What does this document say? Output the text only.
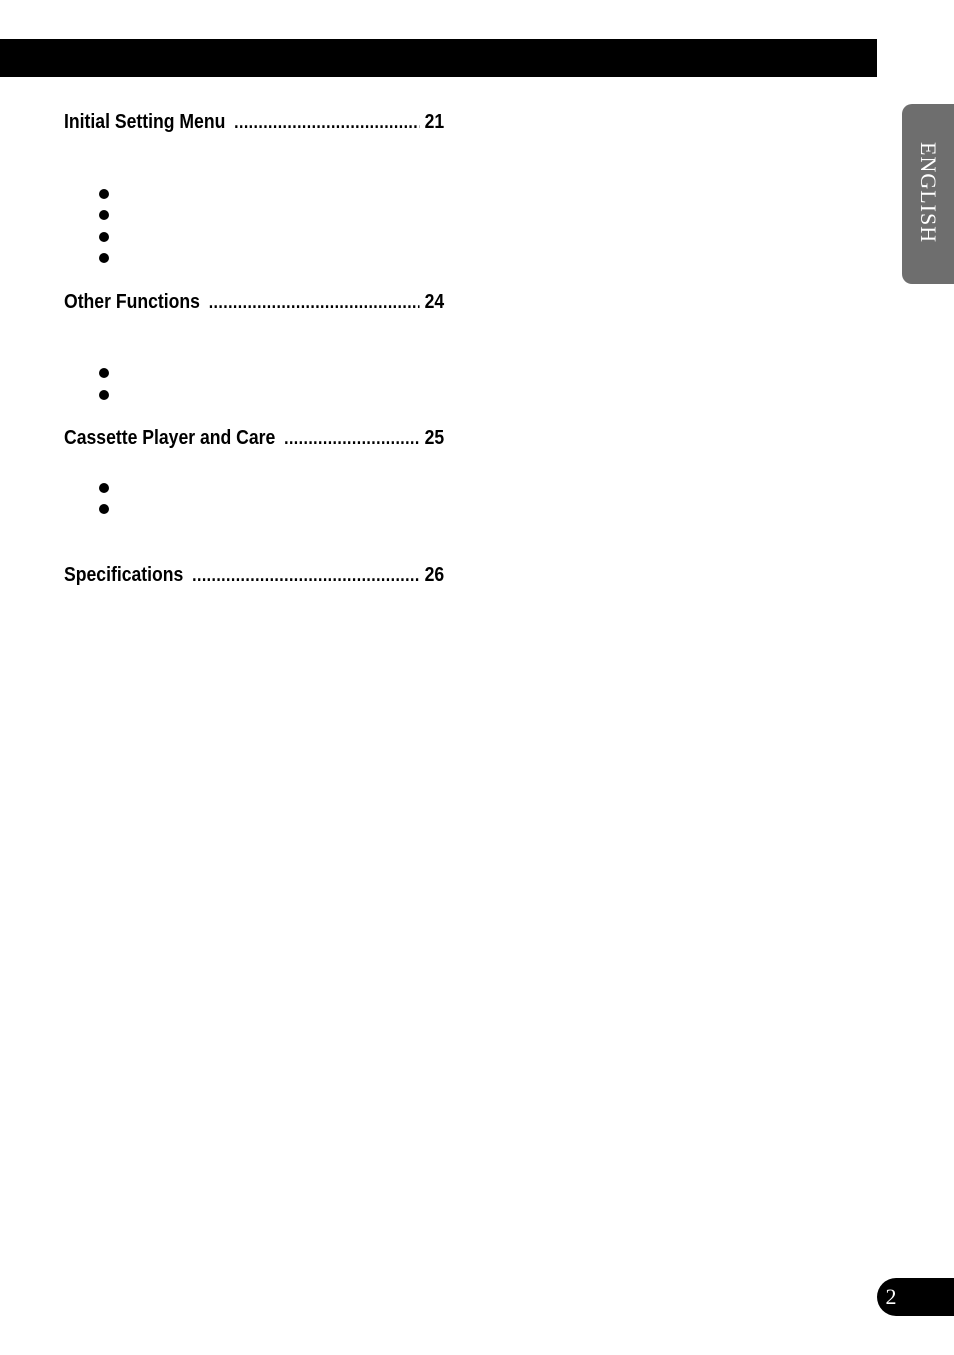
ENGLISH
Initial Setting Menu .....	21
Other Functions .....	24
Cassette Player and Care .....	25
Specifications .....	26
2
